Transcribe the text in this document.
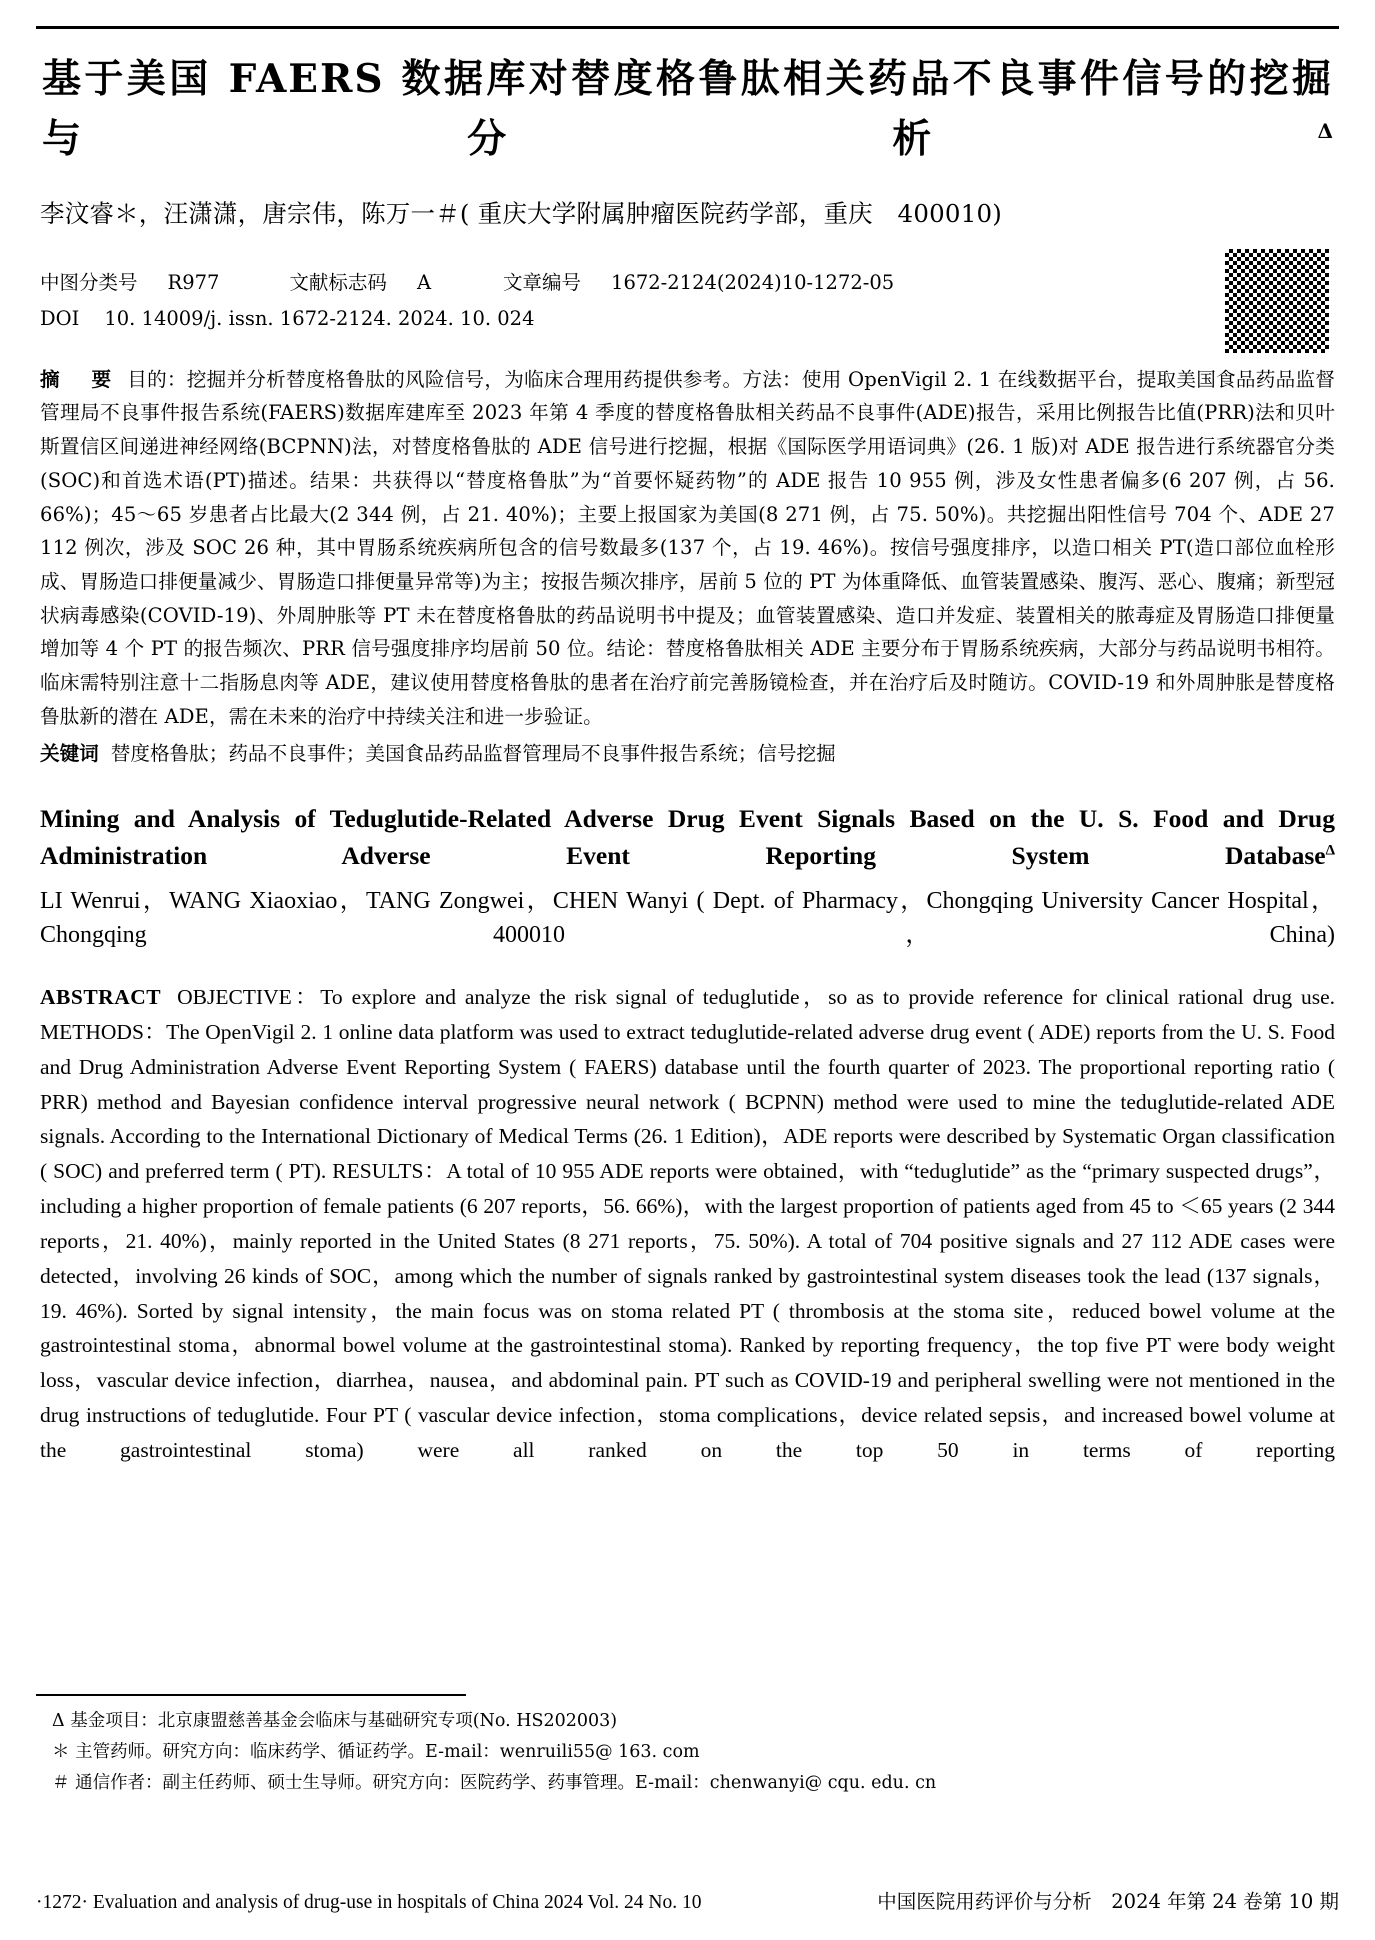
基于美国 FAERS 数据库对替度格鲁肽相关药品不良事件信号的挖掘与分析$^\Delta$
李汶睿＊，汪潇潇，唐宗伟，陈万一＃( 重庆大学附属肿瘤医院药学部，重庆　400010)
中图分类号 R977	文献标志码 A	文章编号 1672-2124(2024)10-1272-05
DOI 10. 14009/j. issn. 1672-2124. 2024. 10. 024
摘　要 目的：挖掘并分析替度格鲁肽的风险信号，为临床合理用药提供参考。方法：使用 OpenVigil 2. 1 在线数据平台，提取美国食品药品监督管理局不良事件报告系统(FAERS)数据库建库至 2023 年第 4 季度的替度格鲁肽相关药品不良事件(ADE)报告，采用比例报告比值(PRR)法和贝叶斯置信区间递进神经网络(BCPNN)法，对替度格鲁肽的 ADE 信号进行挖掘，根据《国际医学用语词典》(26. 1 版)对 ADE 报告进行系统器官分类(SOC)和首选术语(PT)描述。结果：共获得以“替度格鲁肽”为“首要怀疑药物”的 ADE 报告 10 955 例，涉及女性患者偏多(6 207 例，占 56. 66%)；45～65 岁患者占比最大(2 344 例，占 21. 40%)；主要上报国家为美国(8 271 例，占 75. 50%)。共挖掘出阳性信号 704 个、ADE 27 112 例次，涉及 SOC 26 种，其中胃肠系统疾病所包含的信号数最多(137 个，占 19. 46%)。按信号强度排序，以造口相关 PT(造口部位血栓形成、胃肠造口排便量减少、胃肠造口排便量异常等)为主；按报告频次排序，居前 5 位的 PT 为体重降低、血管装置感染、腹泻、恶心、腹痛；新型冠状病毒感染(COVID-19)、外周肿胀等 PT 未在替度格鲁肽的药品说明书中提及；血管装置感染、造口并发症、装置相关的脓毒症及胃肠造口排便量增加等 4 个 PT 的报告频次、PRR 信号强度排序均居前 50 位。结论：替度格鲁肽相关 ADE 主要分布于胃肠系统疾病，大部分与药品说明书相符。临床需特别注意十二指肠息肉等 ADE，建议使用替度格鲁肽的患者在治疗前完善肠镜检查，并在治疗后及时随访。COVID-19 和外周肿胀是替度格鲁肽新的潜在 ADE，需在未来的治疗中持续关注和进一步验证。
关键词 替度格鲁肽；药品不良事件；美国食品药品监督管理局不良事件报告系统；信号挖掘
Mining and Analysis of Teduglutide-Related Adverse Drug Event Signals Based on the U. S. Food and Drug Administration Adverse Event Reporting System Database$^\Delta$
LI Wenrui，WANG Xiaoxiao，TANG Zongwei，CHEN Wanyi ( Dept. of Pharmacy，Chongqing University Cancer Hospital，Chongqing 400010，China)
ABSTRACT OBJECTIVE：To explore and analyze the risk signal of teduglutide，so as to provide reference for clinical rational drug use. METHODS：The OpenVigil 2. 1 online data platform was used to extract teduglutide-related adverse drug event ( ADE) reports from the U. S. Food and Drug Administration Adverse Event Reporting System ( FAERS) database until the fourth quarter of 2023. The proportional reporting ratio ( PRR) method and Bayesian confidence interval progressive neural network ( BCPNN) method were used to mine the teduglutide-related ADE signals. According to the International Dictionary of Medical Terms (26. 1 Edition)，ADE reports were described by Systematic Organ classification ( SOC) and preferred term ( PT). RESULTS：A total of 10 955 ADE reports were obtained，with “teduglutide” as the “primary suspected drugs”，including a higher proportion of female patients (6 207 reports，56. 66%)，with the largest proportion of patients aged from 45 to ＜65 years (2 344 reports，21. 40%)，mainly reported in the United States (8 271 reports，75. 50%). A total of 704 positive signals and 27 112 ADE cases were detected，involving 26 kinds of SOC，among which the number of signals ranked by gastrointestinal system diseases took the lead (137 signals，19. 46%). Sorted by signal intensity，the main focus was on stoma related PT ( thrombosis at the stoma site，reduced bowel volume at the gastrointestinal stoma，abnormal bowel volume at the gastrointestinal stoma). Ranked by reporting frequency，the top five PT were body weight loss，vascular device infection，diarrhea，nausea，and abdominal pain. PT such as COVID-19 and peripheral swelling were not mentioned in the drug instructions of teduglutide. Four PT ( vascular device infection，stoma complications，device related sepsis，and increased bowel volume at the gastrointestinal stoma) were all ranked on the top 50 in terms of reporting
Δ 基金项目：北京康盟慈善基金会临床与基础研究专项(No. HS202003)
＊ 主管药师。研究方向：临床药学、循证药学。E-mail：wenruili55@ 163. com
＃ 通信作者：副主任药师、硕士生导师。研究方向：医院药学、药事管理。E-mail：chenwanyi@ cqu. edu. cn
·1272· Evaluation and analysis of drug-use in hospitals of China 2024 Vol. 24 No. 10	中国医院用药评价与分析　2024 年第 24 卷第 10 期
